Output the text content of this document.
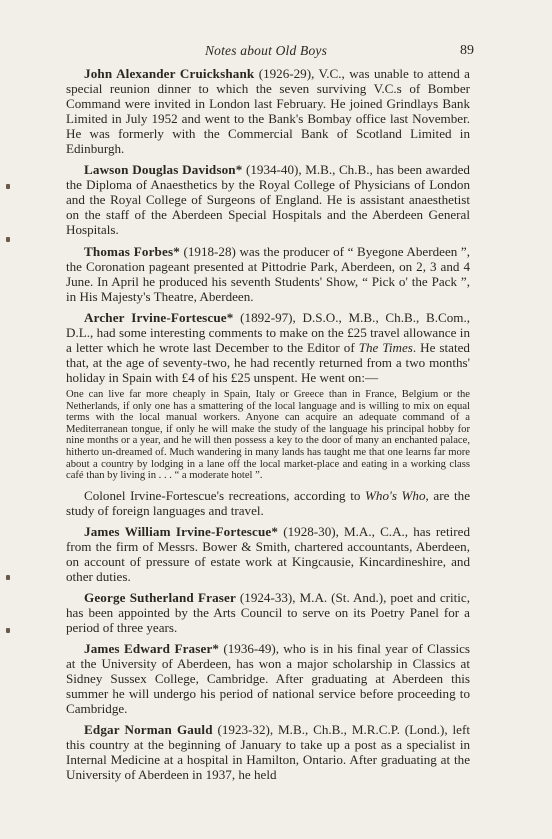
Notes about Old Boys	89

John Alexander Cruickshank (1926-29), V.C., was unable to attend a special reunion dinner to which the seven surviving V.C.s of Bomber Command were invited in London last February. He joined Grindlays Bank Limited in July 1952 and went to the Bank's Bombay office last November. He was formerly with the Commercial Bank of Scotland Limited in Edinburgh.

Lawson Douglas Davidson* (1934-40), M.B., Ch.B., has been awarded the Diploma of Anaesthetics by the Royal College of Physicians of London and the Royal College of Surgeons of England. He is assistant anaesthetist on the staff of the Aberdeen Special Hospitals and the Aberdeen General Hospitals.

Thomas Forbes* (1918-28) was the producer of “ Byegone Aberdeen ”, the Coronation pageant presented at Pittodrie Park, Aberdeen, on 2, 3 and 4 June. In April he produced his seventh Students' Show, “ Pick o' the Pack ”, in His Majesty's Theatre, Aberdeen.

Archer Irvine-Fortescue* (1892-97), D.S.O., M.B., Ch.B., B.Com., D.L., had some interesting comments to make on the £25 travel allowance in a letter which he wrote last December to the Editor of The Times. He stated that, at the age of seventy-two, he had recently returned from a two months' holiday in Spain with £4 of his £25 unspent. He went on:—

One can live far more cheaply in Spain, Italy or Greece than in France, Belgium or the Netherlands, if only one has a smattering of the local language and is willing to mix on equal terms with the local manual workers. Anyone can acquire an adequate command of a Mediterranean tongue, if only he will make the study of the language his principal hobby for nine months or a year, and he will then possess a key to the door of many an enchanted palace, hitherto un-dreamed of. Much wandering in many lands has taught me that one learns far more about a country by lodging in a lane off the local market-place and eating in a working class café than by living in . . . “ a moderate hotel ”.

Colonel Irvine-Fortescue's recreations, according to Who's Who, are the study of foreign languages and travel.

James William Irvine-Fortescue* (1928-30), M.A., C.A., has retired from the firm of Messrs. Bower & Smith, chartered accountants, Aberdeen, on account of pressure of estate work at Kingcausie, Kincardineshire, and other duties.

George Sutherland Fraser (1924-33), M.A. (St. And.), poet and critic, has been appointed by the Arts Council to serve on its Poetry Panel for a period of three years.

James Edward Fraser* (1936-49), who is in his final year of Classics at the University of Aberdeen, has won a major scholarship in Classics at Sidney Sussex College, Cambridge. After graduating at Aberdeen this summer he will undergo his period of national service before proceeding to Cambridge.

Edgar Norman Gauld (1923-32), M.B., Ch.B., M.R.C.P. (Lond.), left this country at the beginning of January to take up a post as a specialist in Internal Medicine at a hospital in Hamilton, Ontario. After graduating at the University of Aberdeen in 1937, he held
